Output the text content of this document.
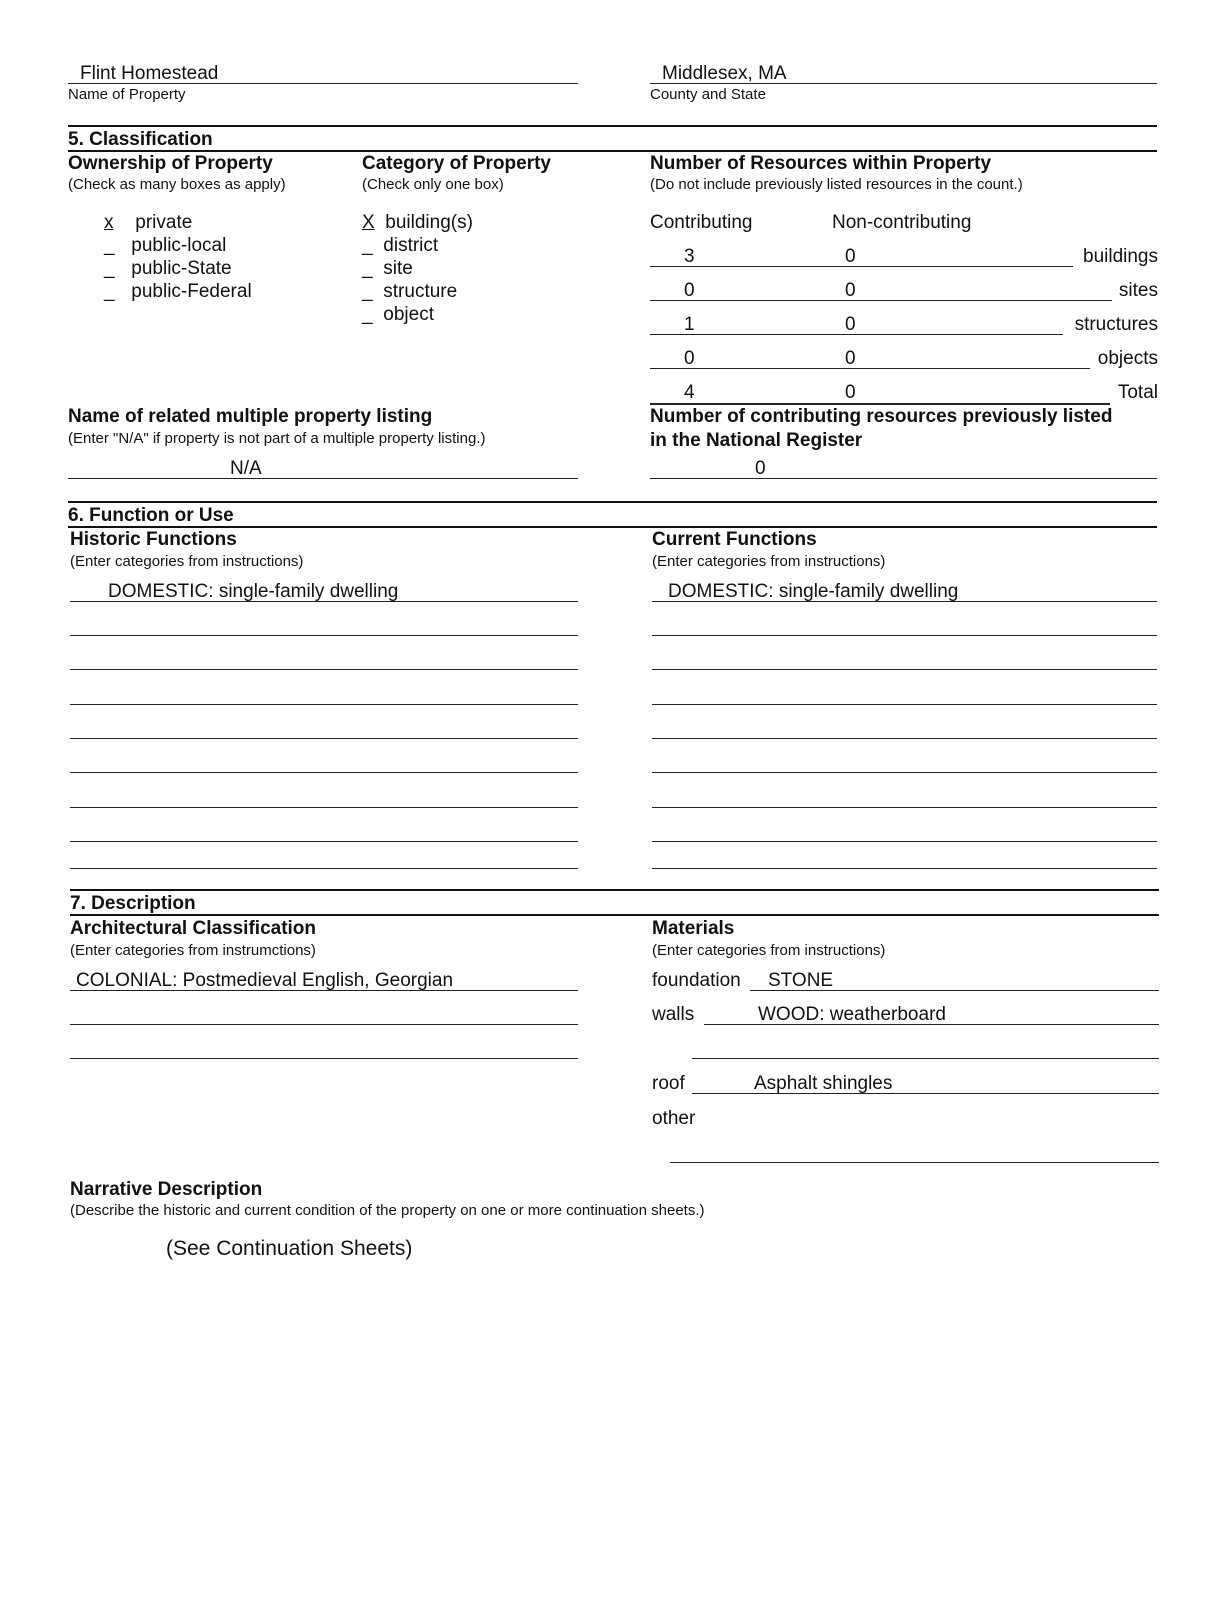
Flint Homestead
Name of Property
Middlesex, MA
County and State
5. Classification
Ownership of Property
(Check as many boxes as apply)
x private
_ public-local
_ public-State
_ public-Federal
Category of Property
(Check only one box)
X building(s)
_ district
_ site
_ structure
_ object
Number of Resources within Property
(Do not include previously listed resources in the count.)
Contributing	Non-contributing
3	0	buildings
0	0	sites
1	0	structures
0	0	objects
4	0	Total
Name of related multiple property listing
(Enter "N/A" if property is not part of a multiple property listing.)
N/A
Number of contributing resources previously listed
in the National Register
0
6. Function or Use
Historic Functions
(Enter categories from instructions)
DOMESTIC: single-family dwelling
Current Functions
(Enter categories from instructions)
DOMESTIC: single-family dwelling
7. Description
Architectural Classification
(Enter categories from instrumctions)
COLONIAL: Postmedieval English, Georgian
Materials
(Enter categories from instructions)
foundation STONE
walls	WOOD: weatherboard
roof	Asphalt shingles
other
Narrative Description
(Describe the historic and current condition of the property on one or more continuation sheets.)
(See Continuation Sheets)
